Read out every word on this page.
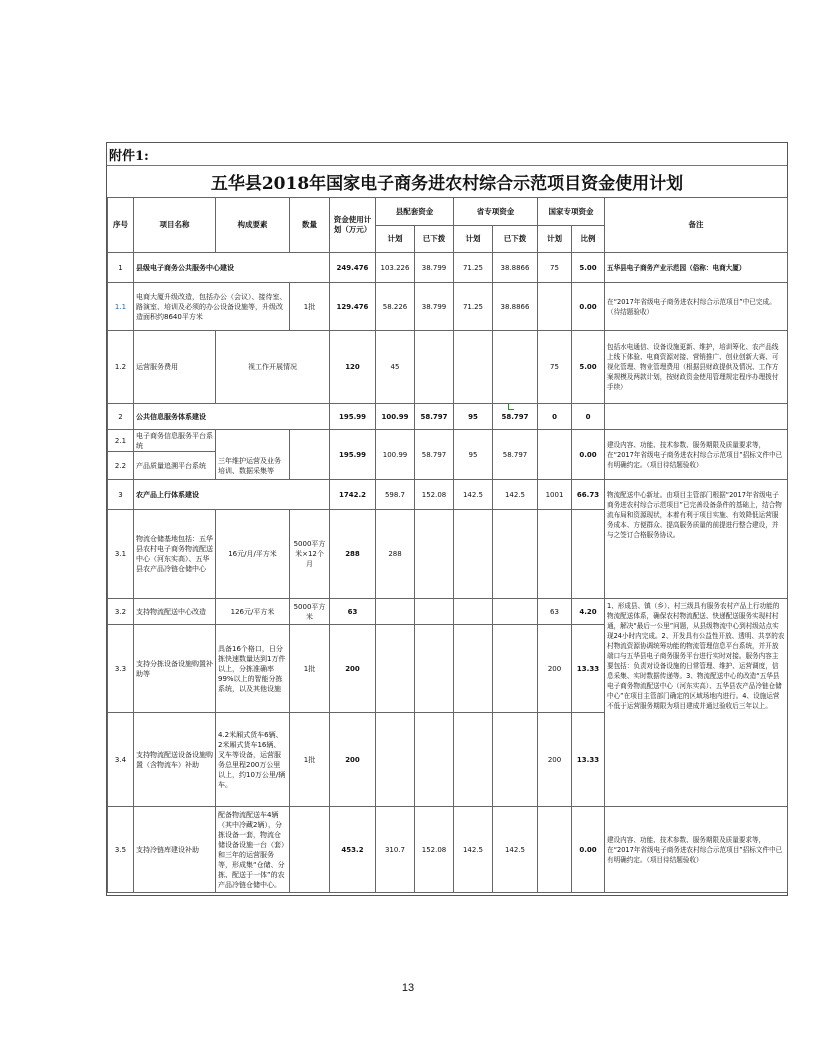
附件1:
五华县2018年国家电子商务进农村综合示范项目资金使用计划
序号	项目名称	构成要素	数量	资金使用计划（万元）	县配套资金		省专项资金		国家专项资金		备注
					计划	已下拨	计划	已下拨	计划	比例	
1	县级电子商务公共服务中心建设			249.476	103.226	38.799	71.25	38.8866	75	5.00	五华县电子商务产业示范园（俗称：电商大厦）
1.1	电商大厦升级改造，包括办公（会议）、接待室、路演室、培训及必须的办公设备设施等，升级改造面积约8640平方米		1批	129.476	58.226	38.799	71.25	38.8866		0.00	在“2017年省级电子商务进农村综合示范项目”中已完成。（待结题验收）
1.2	运营服务费用	视工作开展情况		120	45				75	5.00	包括水电通信、设备设施更新、维护，培训筹化、农产品线上线下体验、电商资源对接、营销推广、创业创新大赛、可视化管理、物业管理费用（根据县财政提供及情况、工作方案规模及两款计划，按财政资金使用管理规定程序办理拨付手续）
2	公共信息服务体系建设			195.99	100.99	58.797	95	58.797	0	0	
2.1	电子商务信息服务平台系统	三年维护运营及业务培训、数据采集等		195.99	100.99	58.797	95	58.797		0.00	建设内容、功能、技术参数、服务期限及质量要求等，在“2017年省级电子商务进农村综合示范项目”招标文件中已有明确约定。（项目待结题验收）
2.2	产品质量追溯平台系统										
3	农产品上行体系建设			1742.2	598.7	152.08	142.5	142.5	1001	66.73	物流配送中心新址。由项目主管部门根据“2017年省级电子商务进农村综合示范项目”已完善设备条件的基础上，结合物流布局和资源现状，本着有利于项目实施、有效降低运营服务成本、方便群众、提高服务质量的前提进行整合建设，并与之签订合格服务协议。
3.1	物流仓储基地包括：五华县农村电子商务物流配送中心（河东实高）、五华县农产品冷链仓储中心	16元/月/平方米	5000平方米×12个月	288	288						
3.2	支持物流配送中心改造	126元/平方米	5000平方米	63					63	4.20	1、形成县、镇（乡）、村三级具有服务农村产品上行功能的物流配送体系，确保农村物流配送、快递配送服务实现村村通，解决“最后一公里”问题，从县级物流中心到村级站点实现24小时内完成。2、开发具有公益性开放、透明、共享的农村物流资源协调统筹功能的物流管理信息平台系统，并开放端口与五华县电子商务服务平台进行实时对接。服务内容主要包括：负责对设备设施的日常管理、维护、运营调度，信息采集、实时数据传递等。3、物流配送中心的改造“五华县电子商务物流配送中心（河东实高）、五华县农产品冷链仓储中心”在项目主管部门确定的区域场地内进行。4、设施运营不低于运营服务期限为项目建成并通过验收后三年以上。
3.3	支持分拣设备设施购置补助等	具备16个格口，日分拣快速数量达到1万件以上，分拣准确率99%以上的智能分拣系统，以及其他设施	1批	200					200	13.33	
3.4	支持物流配送设备设施购置（含物流车）补助	4.2米厢式货车6辆、2米厢式货车16辆、叉车等设备，运营服务总里程200万公里以上，约10万公里/辆车。	1批	200					200	13.33	
3.5	支持冷链库建设补助	配备物流配送车4辆（其中冷藏2辆），分拣设备一套，物流仓储设备设施一台（套）和三年的运营服务等，形成集“仓储、分拣、配送于一体”的农产品冷链仓储中心。		453.2	310.7	152.08	142.5	142.5		0.00	建设内容、功能、技术参数、服务期限及质量要求等，在“2017年省级电子商务进农村综合示范项目”招标文件中已有明确约定。（项目待结题验收）
13
